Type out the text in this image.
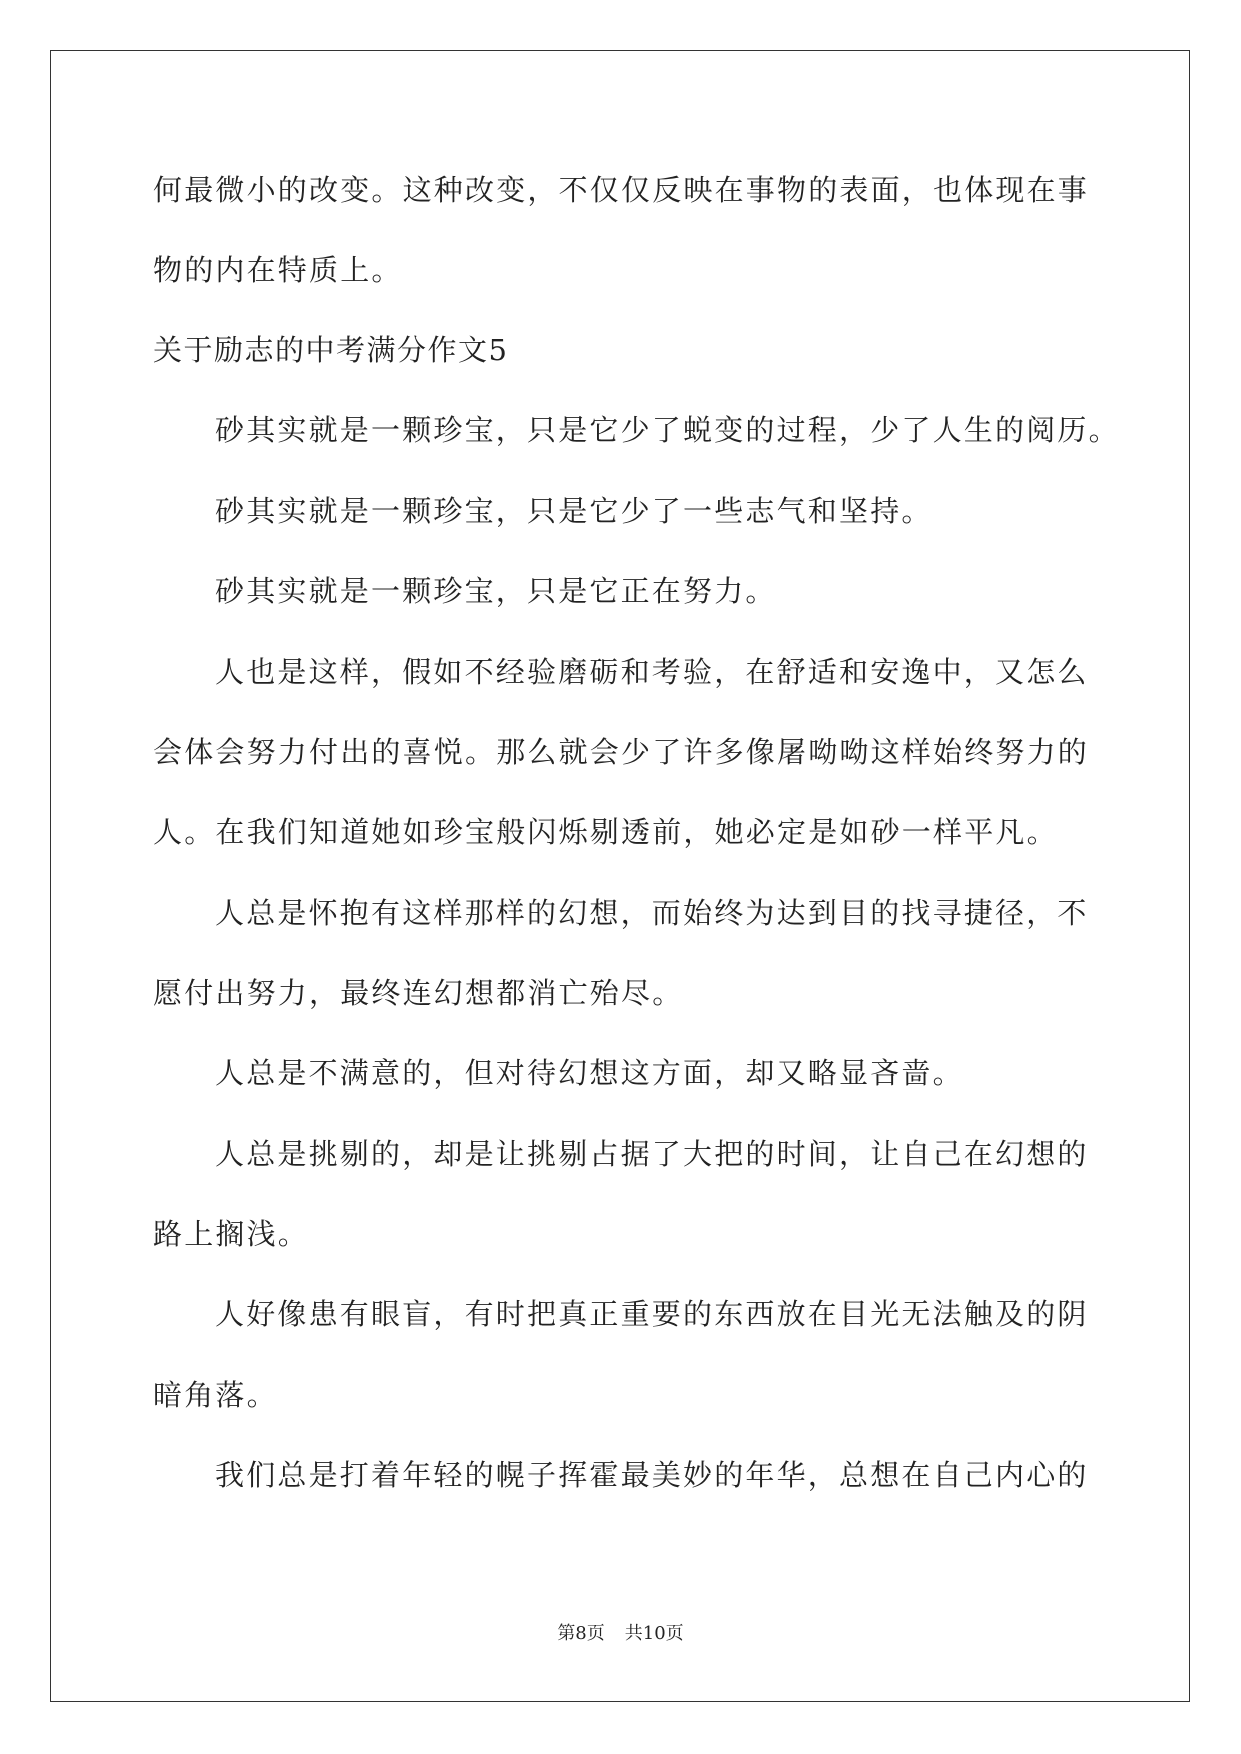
何最微小的改变。这种改变，不仅仅反映在事物的表面，也体现在事
物的内在特质上。
关于励志的中考满分作文5
砂其实就是一颗珍宝，只是它少了蜕变的过程，少了人生的阅历。
砂其实就是一颗珍宝，只是它少了一些志气和坚持。
砂其实就是一颗珍宝，只是它正在努力。
人也是这样，假如不经验磨砺和考验，在舒适和安逸中，又怎么
会体会努力付出的喜悦。那么就会少了许多像屠呦呦这样始终努力的
人。在我们知道她如珍宝般闪烁剔透前，她必定是如砂一样平凡。
人总是怀抱有这样那样的幻想，而始终为达到目的找寻捷径，不
愿付出努力，最终连幻想都消亡殆尽。
人总是不满意的，但对待幻想这方面，却又略显吝啬。
人总是挑剔的，却是让挑剔占据了大把的时间，让自己在幻想的
路上搁浅。
人好像患有眼盲，有时把真正重要的东西放在目光无法触及的阴
暗角落。
我们总是打着年轻的幌子挥霍最美妙的年华，总想在自己内心的
第8页 共10页
